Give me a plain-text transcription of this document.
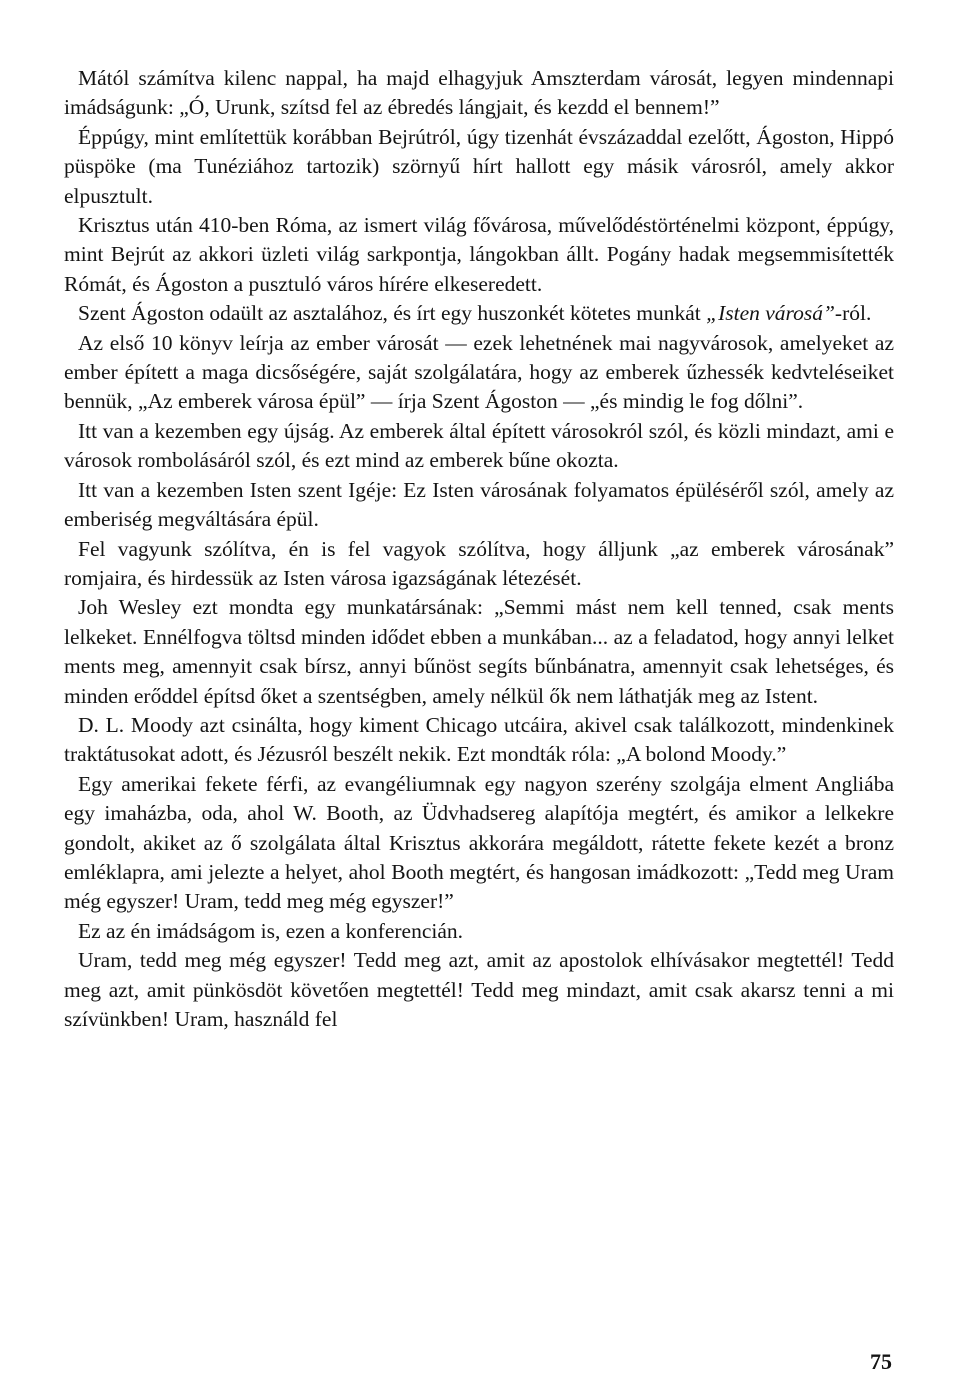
Mától számítva kilenc nappal, ha majd elhagyjuk Amszterdam városát, legyen mindennapi imádságunk: „Ó, Urunk, szítsd fel az ébredés lángjait, és kezdd el bennem!”

Éppúgy, mint említettük korábban Bejrútról, úgy tizenhát évszázaddal ezelőtt, Ágoston, Hippó püspöke (ma Tunéziához tartozik) szörnyű hírt hallott egy másik városról, amely akkor elpusztult.

Krisztus után 410-ben Róma, az ismert világ fővárosa, művelődéstörténelmi központ, éppúgy, mint Bejrút az akkori üzleti világ sarkpontja, lángokban állt. Pogány hadak megsemmisítették Rómát, és Ágoston a pusztuló város hírére elkeseredett.

Szent Ágoston odaült az asztalához, és írt egy huszonkét kötetes munkát „Isten városá”-ról.

Az első 10 könyv leírja az ember városát — ezek lehetnének mai nagyvárosok, amelyeket az ember épített a maga dicsőségére, saját szolgálatára, hogy az emberek űzhessék kedvteléseiket bennük, „Az emberek városa épül” — írja Szent Ágoston — „és mindig le fog dőlni”.

Itt van a kezemben egy újság. Az emberek által épített városokról szól, és közli mindazt, ami e városok rombolásáról szól, és ezt mind az emberek bűne okozta.

Itt van a kezemben Isten szent Igéje: Ez Isten városának folyamatos épüléséről szól, amely az emberiség megváltására épül.

Fel vagyunk szólítva, én is fel vagyok szólítva, hogy álljunk „az emberek városának” romjaira, és hirdessük az Isten városa igazságának létezését.

Joh Wesley ezt mondta egy munkatársának: „Semmi mást nem kell tenned, csak ments lelkeket. Ennélfogva töltsd minden idődet ebben a munkában... az a feladatod, hogy annyi lelket ments meg, amennyit csak bírsz, annyi bűnöst segíts bűnbánatra, amennyit csak lehetséges, és minden erőddel építsd őket a szentségben, amely nélkül ők nem láthatják meg az Istent.

D. L. Moody azt csinálta, hogy kiment Chicago utcáira, akivel csak találkozott, mindenkinek traktátusokat adott, és Jézusról beszélt nekik. Ezt mondták róla: „A bolond Moody.”

Egy amerikai fekete férfi, az evangéliumnak egy nagyon szerény szolgája elment Angliába egy imaházba, oda, ahol W. Booth, az Üdvhadsereg alapítója megtért, és amikor a lelkekre gondolt, akiket az ő szolgálata által Krisztus akkorára megáldott, rátette fekete kezét a bronz emléklapra, ami jelezte a helyet, ahol Booth megtért, és hangosan imádkozott: „Tedd meg Uram még egyszer! Uram, tedd meg még egyszer!”

Ez az én imádságom is, ezen a konferencián.

Uram, tedd meg még egyszer! Tedd meg azt, amit az apostolok elhívásakor megtettél! Tedd meg azt, amit pünkösdöt követően megtettél! Tedd meg mindazt, amit csak akarsz tenni a mi szívünkben! Uram, használd fel

75
